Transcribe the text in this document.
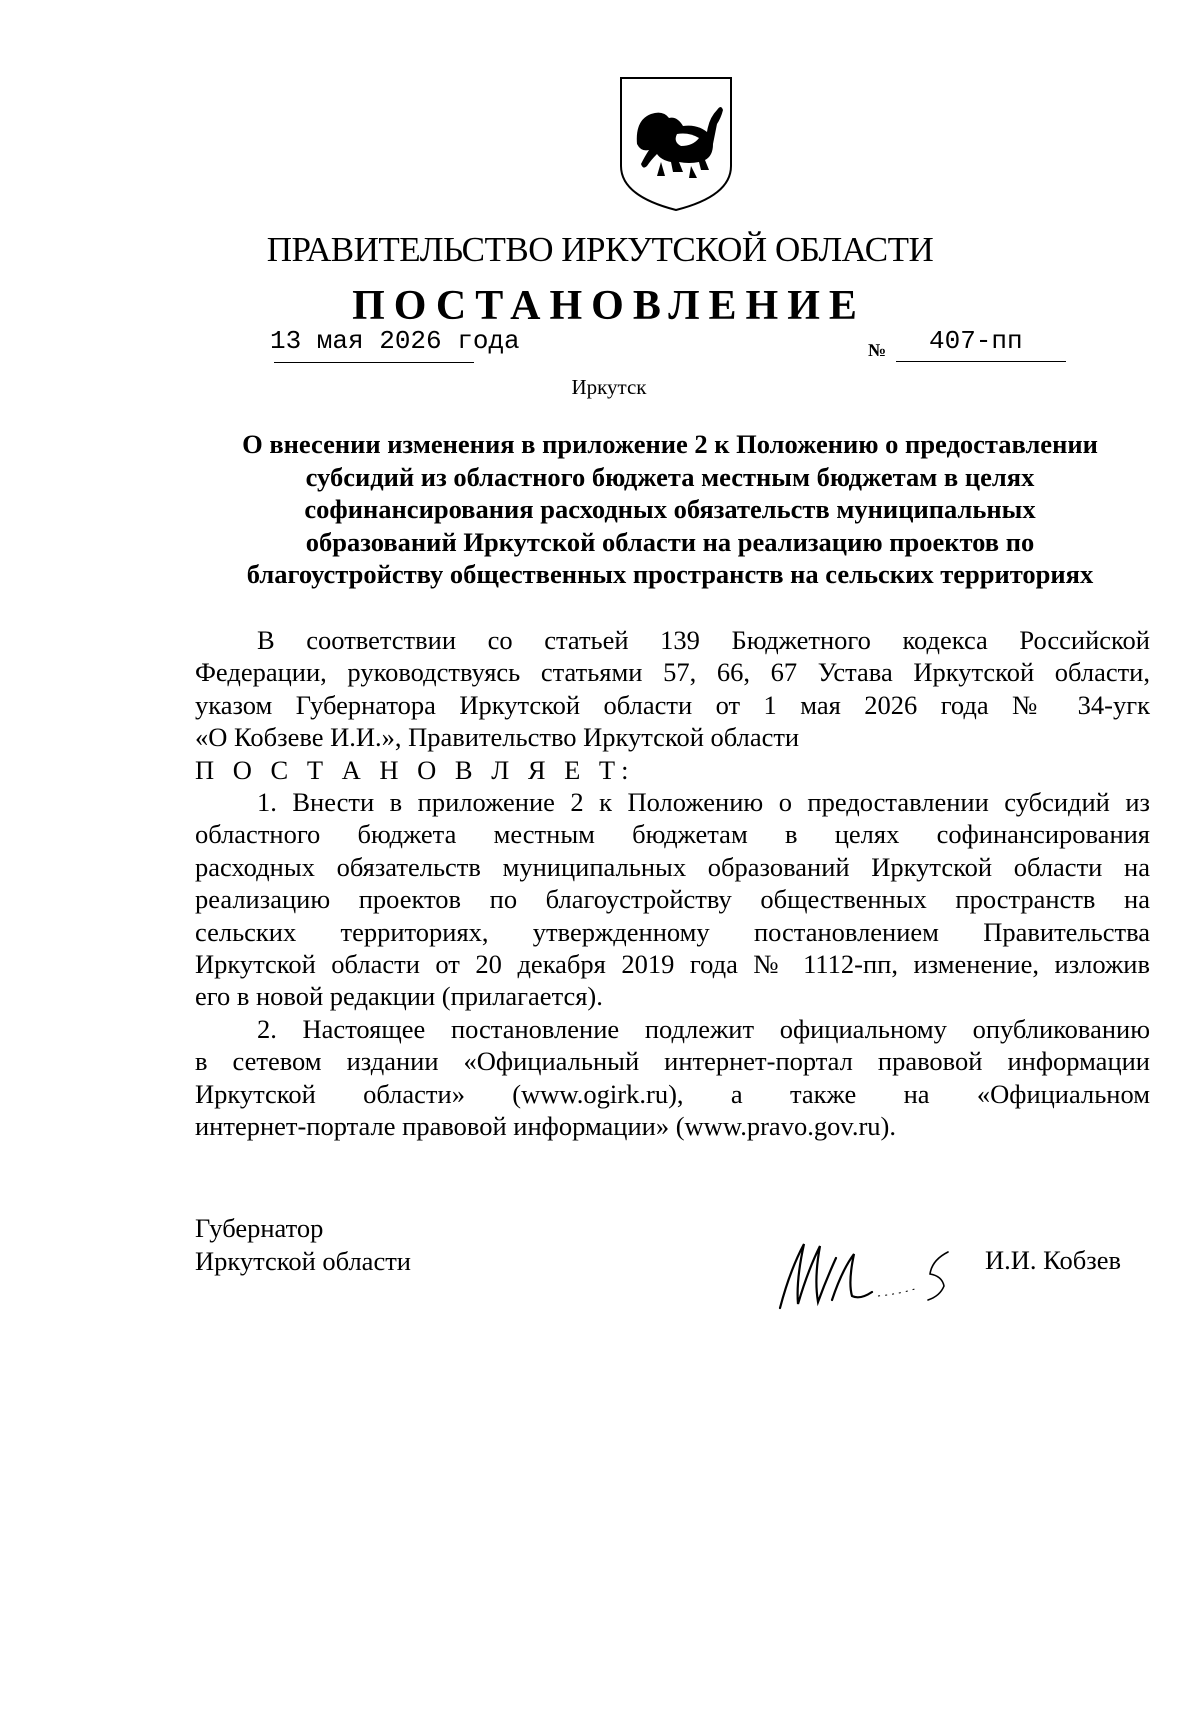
ПРАВИТЕЛЬСТВО ИРКУТСКОЙ ОБЛАСТИ
ПОСТАНОВЛЕНИЕ
13 мая 2026 года	№ 407-пп
Иркутск
О внесении изменения в приложение 2 к Положению о предоставлении
субсидий из областного бюджета местным бюджетам в целях
софинансирования расходных обязательств муниципальных
образований Иркутской области на реализацию проектов по
благоустройству общественных пространств на сельских территориях
В соответствии со статьей 139 Бюджетного кодекса Российской
Федерации, руководствуясь статьями 57, 66, 67 Устава Иркутской области,
указом Губернатора Иркутской области от 1 мая 2026 года № 34-угк
«О Кобзеве И.И.», Правительство Иркутской области
П О С Т А Н О В Л Я Е Т:
1. Внести в приложение 2 к Положению о предоставлении субсидий из
областного бюджета местным бюджетам в целях софинансирования
расходных обязательств муниципальных образований Иркутской области на
реализацию проектов по благоустройству общественных пространств на
сельских территориях, утвержденному постановлением Правительства
Иркутской области от 20 декабря 2019 года № 1112-пп, изменение, изложив
его в новой редакции (прилагается).
2. Настоящее постановление подлежит официальному опубликованию
в сетевом издании «Официальный интернет-портал правовой информации
Иркутской области» (www.ogirk.ru), а также на «Официальном
интернет-портале правовой информации» (www.pravo.gov.ru).
Губернатор
Иркутской области	И.И. Кобзев
